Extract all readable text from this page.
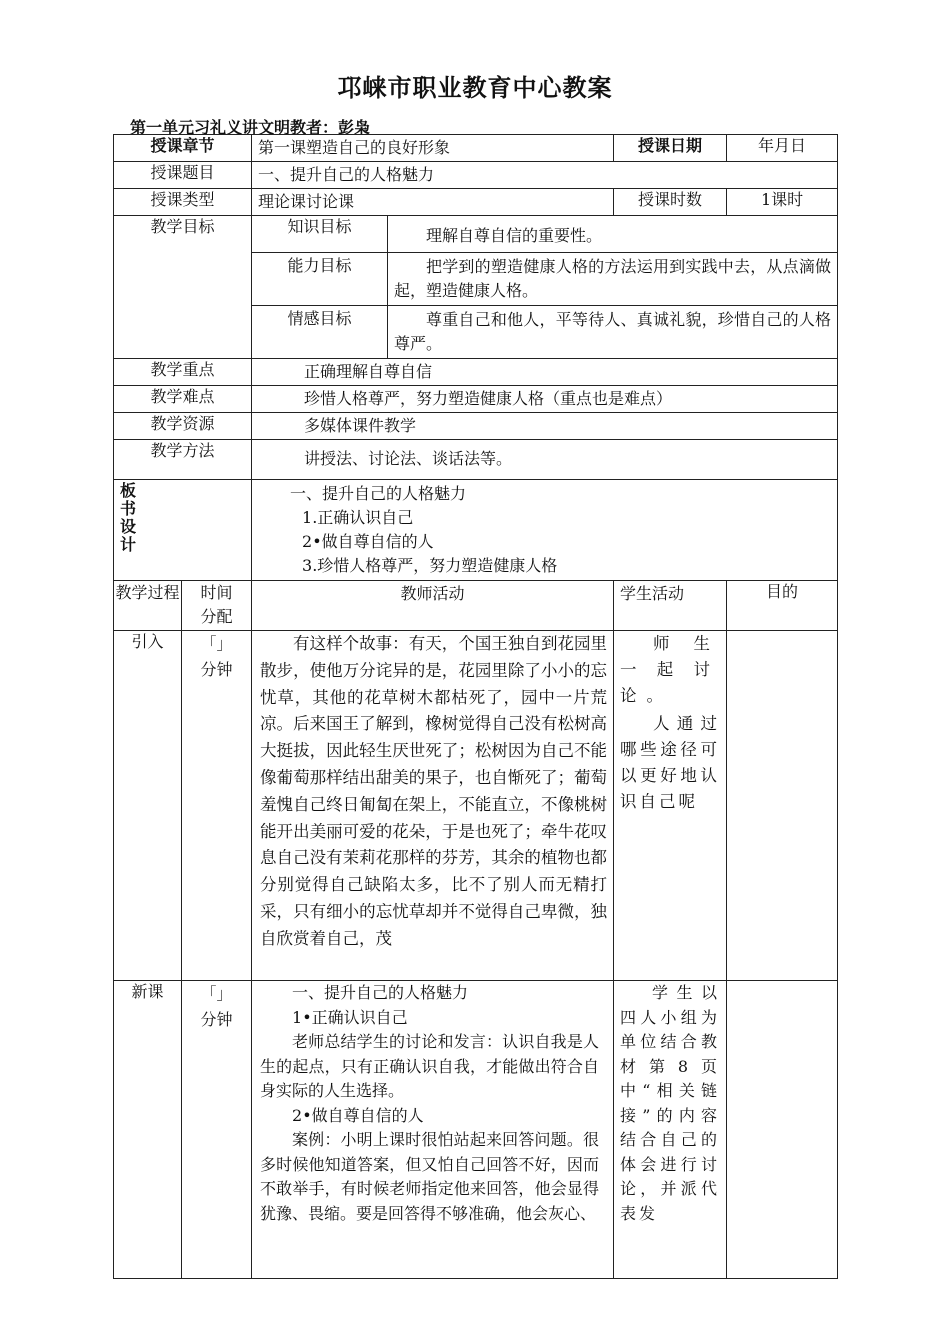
邛崃市职业教育中心教案
第一单元习礼义讲文明教者：彭枭
授课章节		第一课塑造自己的良好形象		授课日期	年月日
授课题目		一、提升自己的人格魅力			
授课类型		理论课讨论课		授课时数	1课时
教学目标		知识目标	理解自尊自信的重要性。		
		能力目标	把学到的塑造健康人格的方法运用到实践中去，从点滴做起，塑造健康人格。		
		情感目标	尊重自己和他人，平等待人、真诚礼貌，珍惜自己的人格尊严。		
教学重点		正确理解自尊自信			
教学难点		珍惜人格尊严，努力塑造健康人格（重点也是难点）			
教学资源		多媒体课件教学			
教学方法		讲授法、讨论法、谈话法等。			

板书设计		一、提升自己的人格魅力
1.正确认识自己
2•做自尊自信的人
3.珍惜人格尊严，努力塑造健康人格			

教学过程	时间分配	教师活动		学生活动	目的
引入	「」分钟	有这样个故事：有天，个国王独自到花园里散步，使他万分诧异的是，花园里除了小小的忘忧草，其他的花草树木都枯死了，园中一片荒凉。后来国王了解到，橡树觉得自己没有松树高大挺拔，因此轻生厌世死了；松树因为自己不能像葡萄那样结出甜美的果子，也自惭死了；葡萄羞愧自己终日匍匐在架上，不能直立，不像桃树能开出美丽可爱的花朵，于是也死了；牵牛花叹息自己没有茉莉花那样的芬芳，其余的植物也都分别觉得自己缺陷太多，比不了别人而无精打采，只有细小的忘忧草却并不觉得自己卑微，独自欣赏着自己，茂		师生一起讨论。
人通过哪些途径可以更好地认识自己呢	

新课	「」分钟	一、提升自己的人格魅力

1•正确认识自己

老师总结学生的讨论和发言：认识自我是人生的起点，只有正确认识自我，才能做出符合自身实际的人生选择。

2•做自尊自信的人

案例：小明上课时很怕站起来回答问题。很多时候他知道答案，但又怕自己回答不好，因而不敢举手，有时候老师指定他来回答，他会显得犹豫、畏缩。要是回答得不够准确，他会灰心、		学生以四人小组为单位结合教材第8页中“相关链接”的内容结合自己的体会进行讨论，并派代表发	
